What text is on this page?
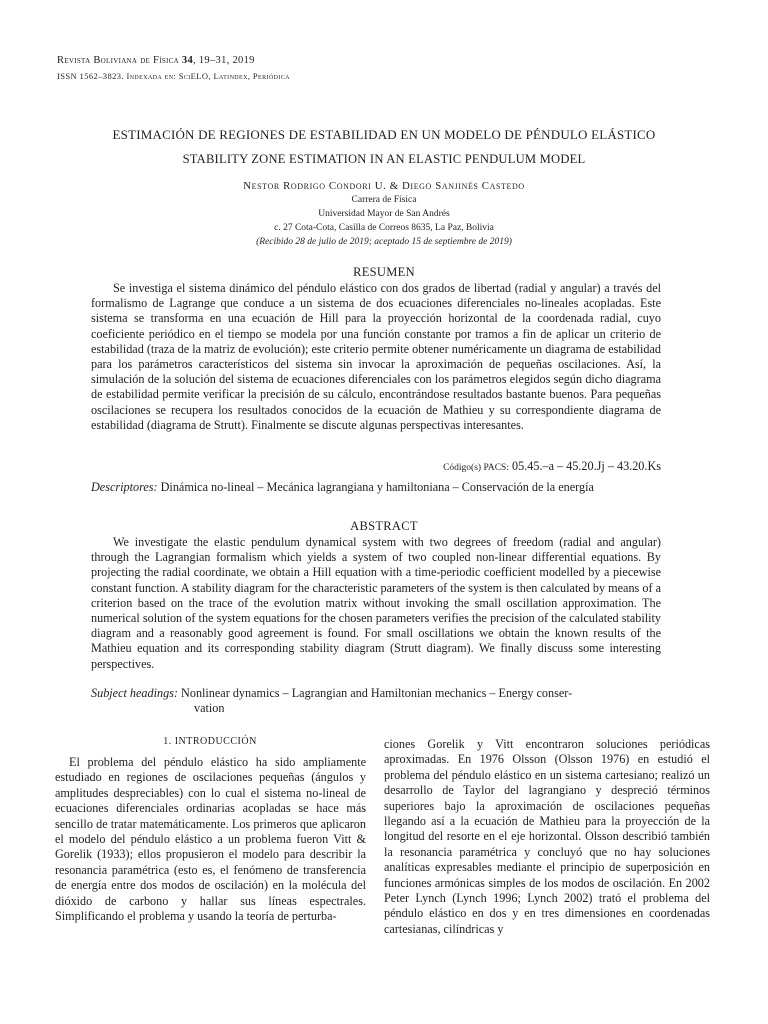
Revista Boliviana de Física 34, 19–31, 2019
ISSN 1562–3823. Indexada en: SciELO, Latindex, Periódica
ESTIMACIÓN DE REGIONES DE ESTABILIDAD EN UN MODELO DE PÉNDULO ELÁSTICO
STABILITY ZONE ESTIMATION IN AN ELASTIC PENDULUM MODEL
Nestor Rodrigo Condori U. & Diego Sanjinés Castedo
Carrera de Física
Universidad Mayor de San Andrés
c. 27 Cota-Cota, Casilla de Correos 8635, La Paz, Bolivia
(Recibido 28 de julio de 2019; aceptado 15 de septiembre de 2019)
RESUMEN

Se investiga el sistema dinámico del péndulo elástico con dos grados de libertad (radial y angular) a través del formalismo de Lagrange que conduce a un sistema de dos ecuaciones diferenciales no-lineales acopladas. Este sistema se transforma en una ecuación de Hill para la proyección horizontal de la coordenada radial, cuyo coeficiente periódico en el tiempo se modela por una función constante por tramos a fin de aplicar un criterio de estabilidad (traza de la matriz de evolución); este criterio permite obtener numéricamente un diagrama de estabilidad para los parámetros característicos del sistema sin invocar la aproximación de pequeñas oscilaciones. Así, la simulación de la solución del sistema de ecuaciones diferenciales con los parámetros elegidos según dicho diagrama de estabilidad permite verificar la precisión de su cálculo, encontrándose resultados bastante buenos. Para pequeñas oscilaciones se recupera los resultados conocidos de la ecuación de Mathieu y su correspondiente diagrama de estabilidad (diagrama de Strutt). Finalmente se discute algunas perspectivas interesantes.

Código(s) PACS: 05.45.–a – 45.20.Jj – 43.20.Ks
Descriptores: Dinámica no-lineal – Mecánica lagrangiana y hamiltoniana – Conservación de la energía
ABSTRACT

We investigate the elastic pendulum dynamical system with two degrees of freedom (radial and angular) through the Lagrangian formalism which yields a system of two coupled non-linear differential equations. By projecting the radial coordinate, we obtain a Hill equation with a time-periodic coefficient modelled by a piecewise constant function. A stability diagram for the characteristic parameters of the system is then calculated by means of a criterion based on the trace of the evolution matrix without invoking the small oscillation approximation. The numerical solution of the system equations for the chosen parameters verifies the precision of the calculated stability diagram and a reasonably good agreement is found. For small oscillations we obtain the known results of the Mathieu equation and its corresponding stability diagram (Strutt diagram). We finally discuss some interesting perspectives.

Subject headings: Nonlinear dynamics – Lagrangian and Hamiltonian mechanics – Energy conser-
vation
1. INTRODUCCIÓN

El problema del péndulo elástico ha sido ampliamente estudiado en regiones de oscilaciones pequeñas (ángulos y amplitudes despreciables) con lo cual el sistema no-lineal de ecuaciones diferenciales ordinarias acopladas se hace más sencillo de tratar matemáticamente. Los primeros que aplicaron el modelo del péndulo elástico a un problema fueron Vitt & Gorelik (1933); ellos propusieron el modelo para describir la resonancia paramétrica (esto es, el fenómeno de transferencia de energía entre dos modos de oscilación) en la molécula del dióxido de carbono y hallar sus líneas espectrales. Simplificando el problema y usando la teoría de perturba-

ciones Gorelik y Vitt encontraron soluciones periódicas aproximadas. En 1976 Olsson (Olsson 1976) en estudió el problema del péndulo elástico en un sistema cartesiano; realizó un desarrollo de Taylor del lagrangiano y despreció términos superiores bajo la aproximación de oscilaciones pequeñas llegando así a la ecuación de Mathieu para la proyección de la longitud del resorte en el eje horizontal. Olsson describió también la resonancia paramétrica y concluyó que no hay soluciones analíticas expresables mediante el principio de superposición en funciones armónicas simples de los modos de oscilación. En 2002 Peter Lynch (Lynch 1996; Lynch 2002) trató el problema del péndulo elástico en dos y en tres dimensiones en coordenadas cartesianas, cilíndricas y
